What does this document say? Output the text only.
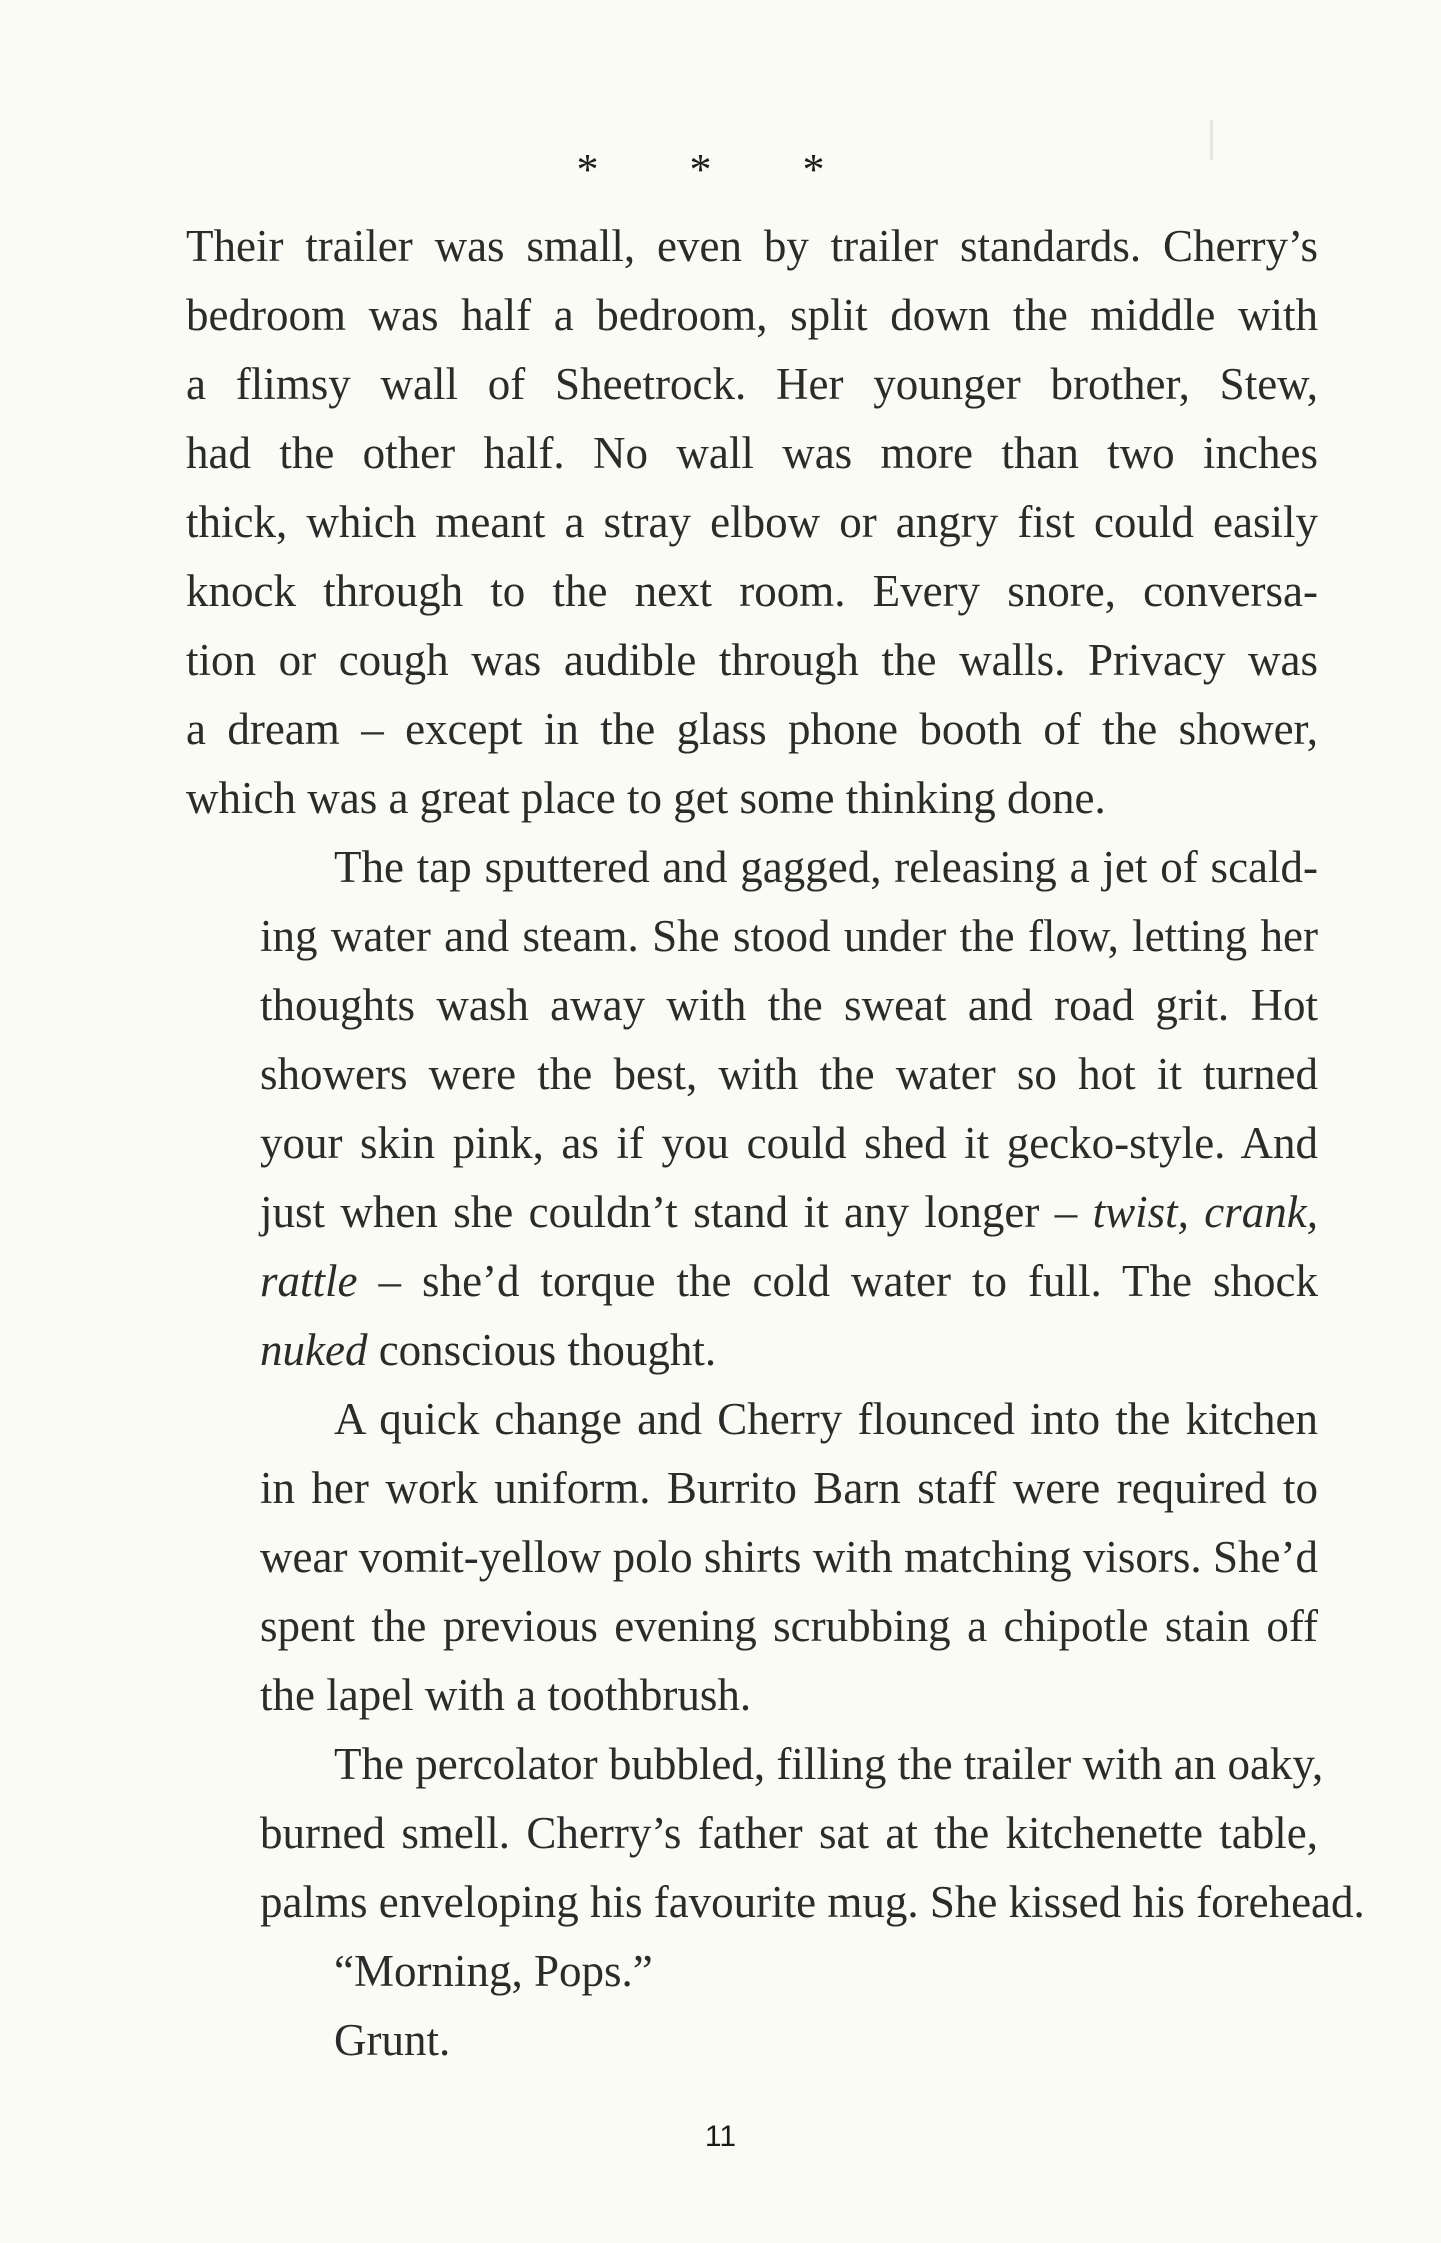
* * *
Their trailer was small, even by trailer standards. Cherry’s
bedroom was half a bedroom, split down the middle with
a flimsy wall of Sheetrock. Her younger brother, Stew,
had the other half. No wall was more than two inches
thick, which meant a stray elbow or angry fist could easily
knock through to the next room. Every snore, conversa-
tion or cough was audible through the walls. Privacy was
a dream – except in the glass phone booth of the shower,
which was a great place to get some thinking done.
The tap sputtered and gagged, releasing a jet of scald-
ing water and steam. She stood under the flow, letting her
thoughts wash away with the sweat and road grit. Hot
showers were the best, with the water so hot it turned
your skin pink, as if you could shed it gecko-style. And
just when she couldn’t stand it any longer – twist, crank,
rattle – she’d torque the cold water to full. The shock
nuked conscious thought.
A quick change and Cherry flounced into the kitchen
in her work uniform. Burrito Barn staff were required to
wear vomit-yellow polo shirts with matching visors. She’d
spent the previous evening scrubbing a chipotle stain off
the lapel with a toothbrush.
The percolator bubbled, filling the trailer with an oaky,
burned smell. Cherry’s father sat at the kitchenette table,
palms enveloping his favourite mug. She kissed his forehead.
“Morning, Pops.”
Grunt.
11
